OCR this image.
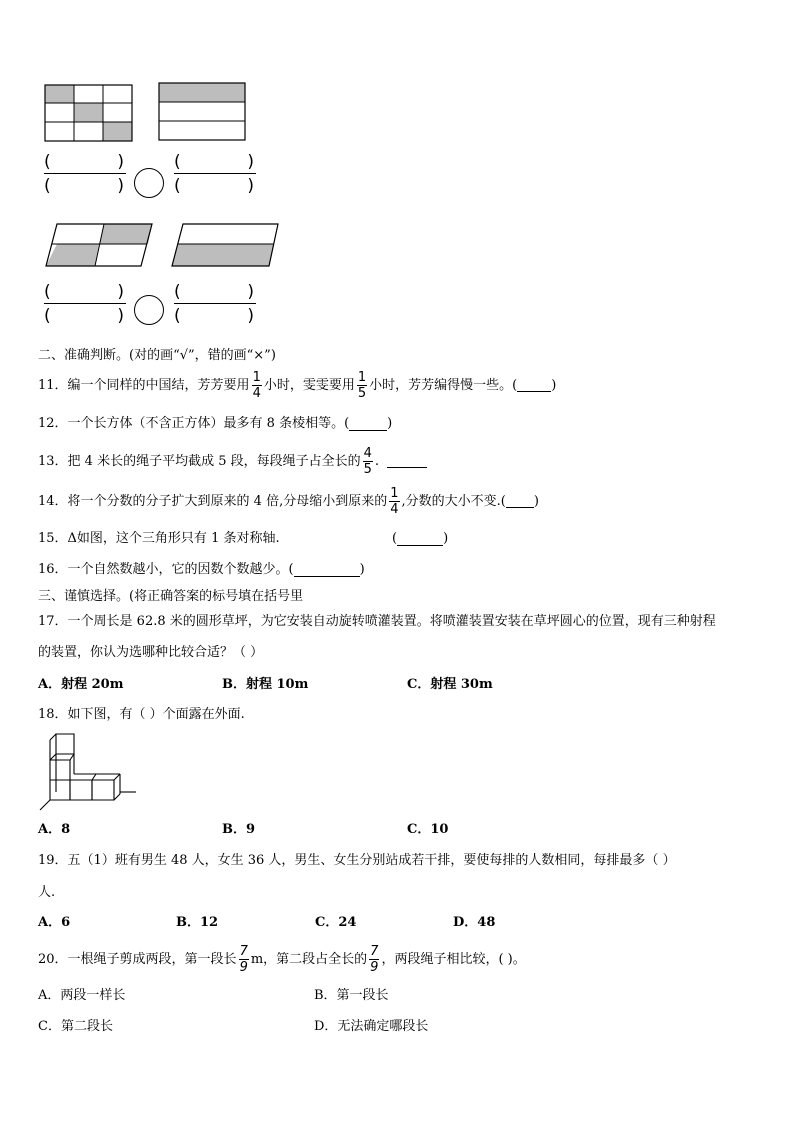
(	)
(	)
(	)
(	)
(	)
(	)
(	)
(	)
二、准确判断。(对的画“√”，错的画“×”)
11．编一个同样的中国结，芳芳要用 $\frac{1}{4}$ 小时，雯雯要用 $\frac{1}{5}$ 小时，芳芳编得慢一些。(	)
12．一个长方体（不含正方体）最多有 8 条棱相等。(	)
13．把 4 米长的绳子平均截成 5 段，每段绳子占全长的 $\frac{4}{5}$ .
14．将一个分数的分子扩大到原来的 4 倍,分母缩小到原来的 $\frac{1}{4}$ ,分数的大小不变.( )
15．Δ如图，这个三角形只有 1 条对称轴.	(	)
16．一个自然数越小，它的因数个数越少。(	)
三、谨慎选择。(将正确答案的标号填在括号里
17．一个周长是 62.8 米的圆形草坪，为它安装自动旋转喷灌装置。将喷灌装置安装在草坪圆心的位置，现有三种射程
的装置，你认为选哪种比较合适？（ ）
A．射程 20m	B．射程 10m	C．射程 30m
18．如下图，有（ ）个面露在外面.
A．8	B．9	C．10
19．五（1）班有男生 48 人，女生 36 人，男生、女生分别站成若干排，要使每排的人数相同，每排最多（ ）
人.
A．6	B．12	C．24	D．48
20．一根绳子剪成两段，第一段长 $\frac{7}{9}$ m，第二段占全长的 $\frac{7}{9}$ ，两段绳子相比较，( )。
A．两段一样长	B．第一段长
C．第二段长	D．无法确定哪段长
